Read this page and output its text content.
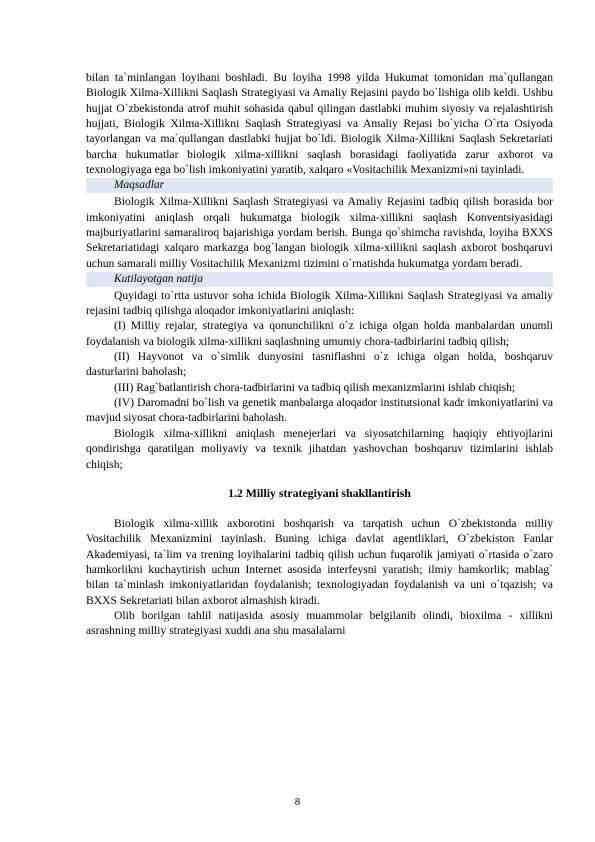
bilan ta`minlangan loyihani boshladi. Bu loyiha 1998 yilda Hukumat tomonidan ma`qullangan Biologik Xilma-Xillikni Saqlash Strategiyasi va Amaliy Rejasini paydo bo`lishiga olib keldi. Ushbu hujjat O`zbekistonda atrof muhit sohasida qabul qilingan dastlabki muhim siyosiy va rejalashtirish hujjati, Biologik Xilma-Xillikni Saqlash Strategiyasi va Amaliy Rejasi bo`yicha O`rta Osiyoda tayorlangan va ma`qullangan dastlabki hujjat bo`ldi. Biologik Xilma-Xillikni Saqlash Sekretariati barcha hukumatlar biologik xilma-xillikni saqlash borasidagi faoliyatida zarur axborot va texnologiyaga ega bo`lish imkoniyatini yaratib, xalqaro «Vositachilik Mexanizmi»ni tayinladi.

Maqsadlar

Biologik Xilma-Xillikni Saqlash Strategiyasi va Amaliy Rejasini tadbiq qilish borasida bor imkoniyatini aniqlash orqali hukumatga biologik xilma-xillikni saqlash Konventsiyasidagi majburiyatlarini samaraliroq bajarishiga yordam berish. Bunga qo`shimcha ravishda, loyiha BXXS Sekretariatidagi xalqaro markazga bog`langan biologik xilma-xillikni saqlash axborot boshqaruvi uchun samarali milliy Vositachilik Mexanizmi tizimini o`rnatishda hukumatga yordam beradi.

Kutilayotgan natija

Quyidagi to`rtta ustuvor soha ichida Biologik Xilma-Xillikni Saqlash Strategiyasi va amaliy rejasini tadbiq qilishga aloqador imkoniyatlarini aniqlash:

(I) Milliy rejalar, strategiya va qonunchilikni o`z ichiga olgan holda manbalardan unumli foydalanish va biologik xilma-xillikni saqlashning umumiy chora-tadbirlarini tadbiq qilish;

(II) Hayvonot va o`simlik dunyosini tasniflashni o`z ichiga olgan holda, boshqaruv dasturlarini baholash;

(III) Rag`batlantirish chora-tadbirlarini va tadbiq qilish mexanizmlarini ishlab chiqish;

(IV) Daromadni bo`lish va genetik manbalarga aloqador institutsional kadr imkoniyatlarini va mavjud siyosat chora-tadbirlarini baholash.

Biologik xilma-xillikni aniqlash menejerlari va siyosatchilarning haqiqiy ehtiyojlarini qondirishga qaratilgan moliyaviy va texnik jihatdan yashovchan boshqaruv tizimlarini ishlab chiqish;

1.2 Milliy strategiyani shakllantirish

Biologik xilma-xillik axborotini boshqarish va tarqatish uchun O`zbekistonda milliy Vositachilik Mexanizmini tayinlash. Buning ichiga davlat agentliklari, O`zbekiston Fanlar Akademiyasi, ta`lim va trening loyihalarini tadbiq qilish uchun fuqarolik jamiyati o`rtasida o`zaro hamkorlikni kuchaytirish uchun Internet asosida interfeysni yaratish; ilmiy hamkorlik; mablag` bilan ta`minlash imkoniyatlaridan foydalanish; texnologiyadan foydalanish va uni o`tqazish; va BXXS Sekretariati bilan axborot almashish kiradi.

Olib borilgan tahlil natijasida asosiy muammolar belgilanib olindi, bioxilma - xillikni asrashning milliy strategiyasi xuddi ana shu masalalarni

8
